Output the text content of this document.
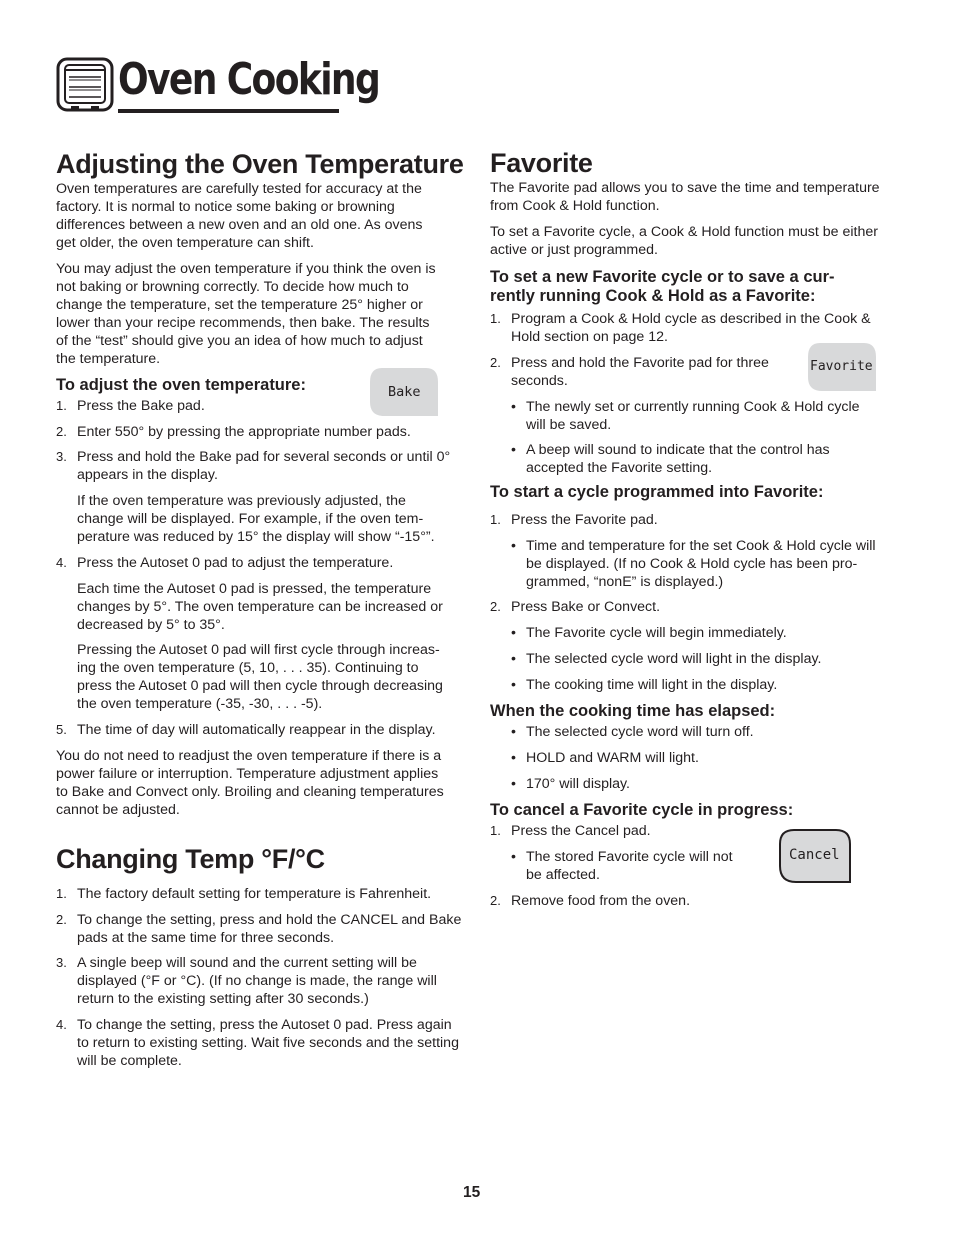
Oven Cooking
Adjusting the Oven Temperature

Oven temperatures are carefully tested for accuracy at the

factory. It is normal to notice some baking or browning

differences between a new oven and an old one. As ovens

get older, the oven temperature can shift.

You may adjust the oven temperature if you think the oven is

not baking or browning correctly. To decide how much to

change the temperature, set the temperature 25° higher or

lower than your recipe recommends, then bake. The results

of the “test” should give you an idea of how much to adjust

the temperature.

To adjust the oven temperature:	Bake
1. Press the Bake pad.
2. Enter 550° by pressing the appropriate number pads.
3. Press and hold the Bake pad for several seconds or until 0°
appears in the display.
If the oven temperature was previously adjusted, the
change will be displayed. For example, if the oven tem-
perature was reduced by 15° the display will show “-15°”.
4. Press the Autoset 0 pad to adjust the temperature.
Each time the Autoset 0 pad is pressed, the temperature
changes by 5°. The oven temperature can be increased or
decreased by 5° to 35°.
Pressing the Autoset 0 pad will first cycle through increas-
ing the oven temperature (5, 10, . . . 35). Continuing to
press the Autoset 0 pad will then cycle through decreasing
the oven temperature (-35, -30, . . . -5).
5. The time of day will automatically reappear in the display.

You do not need to readjust the oven temperature if there is a

power failure or interruption. Temperature adjustment applies

to Bake and Convect only. Broiling and cleaning temperatures

cannot be adjusted.

Changing Temp °F/°C
1. The factory default setting for temperature is Fahrenheit.
2. To change the setting, press and hold the CANCEL and Bake
pads at the same time for three seconds.
3. A single beep will sound and the current setting will be
displayed (°F or °C). (If no change is made, the range will
return to the existing setting after 30 seconds.)
4. To change the setting, press the Autoset 0 pad. Press again
to return to existing setting. Wait five seconds and the setting
will be complete.
Favorite

The Favorite pad allows you to save the time and temperature

from Cook & Hold function.

To set a Favorite cycle, a Cook & Hold function must be either

active or just programmed.

To set a new Favorite cycle or to save a cur-

rently running Cook & Hold as a Favorite:

1. Program a Cook & Hold cycle as described in the Cook &
Hold section on page 12.
2. Press and hold the Favorite pad for three
seconds.
Favorite
• The newly set or currently running Cook & Hold cycle
will be saved.
• A beep will sound to indicate that the control has
accepted the Favorite setting.
To start a cycle programmed into Favorite:
1. Press the Favorite pad.
• Time and temperature for the set Cook & Hold cycle will
be displayed. (If no Cook & Hold cycle has been pro-
grammed, “nonE” is displayed.)
2. Press Bake or Convect.
• The Favorite cycle will begin immediately.
• The selected cycle word will light in the display.
• The cooking time will light in the display.
When the cooking time has elapsed:
• The selected cycle word will turn off.
• HOLD and WARM will light.
• 170° will display.
To cancel a Favorite cycle in progress:
1. Press the Cancel pad.
• The stored Favorite cycle will not
be affected.
Cancel
2. Remove food from the oven.
15
